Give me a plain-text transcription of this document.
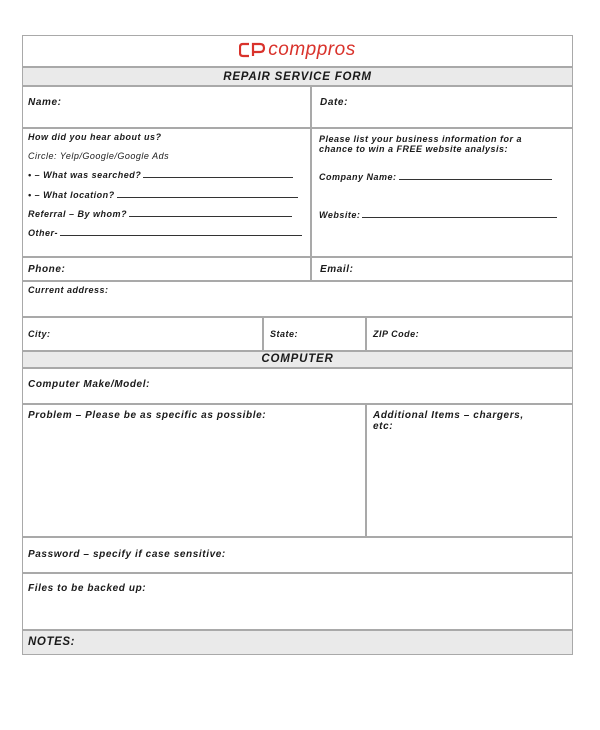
comppros
REPAIR SERVICE FORM
Name:	Date:
How did you hear about us?
Circle: Yelp/Google/Google Ads
• – What was searched?
• – What location?
Referral – By whom?
Other-
Please list your business information for a
chance to win a FREE website analysis:
Company Name:
Website:
Phone:	Email:
Current address:
City:	State:	ZIP Code:
COMPUTER
Computer Make/Model:
Problem – Please be as specific as possible:	Additional Items – chargers,
etc:
Password – specify if case sensitive:
Files to be backed up:
NOTES:
